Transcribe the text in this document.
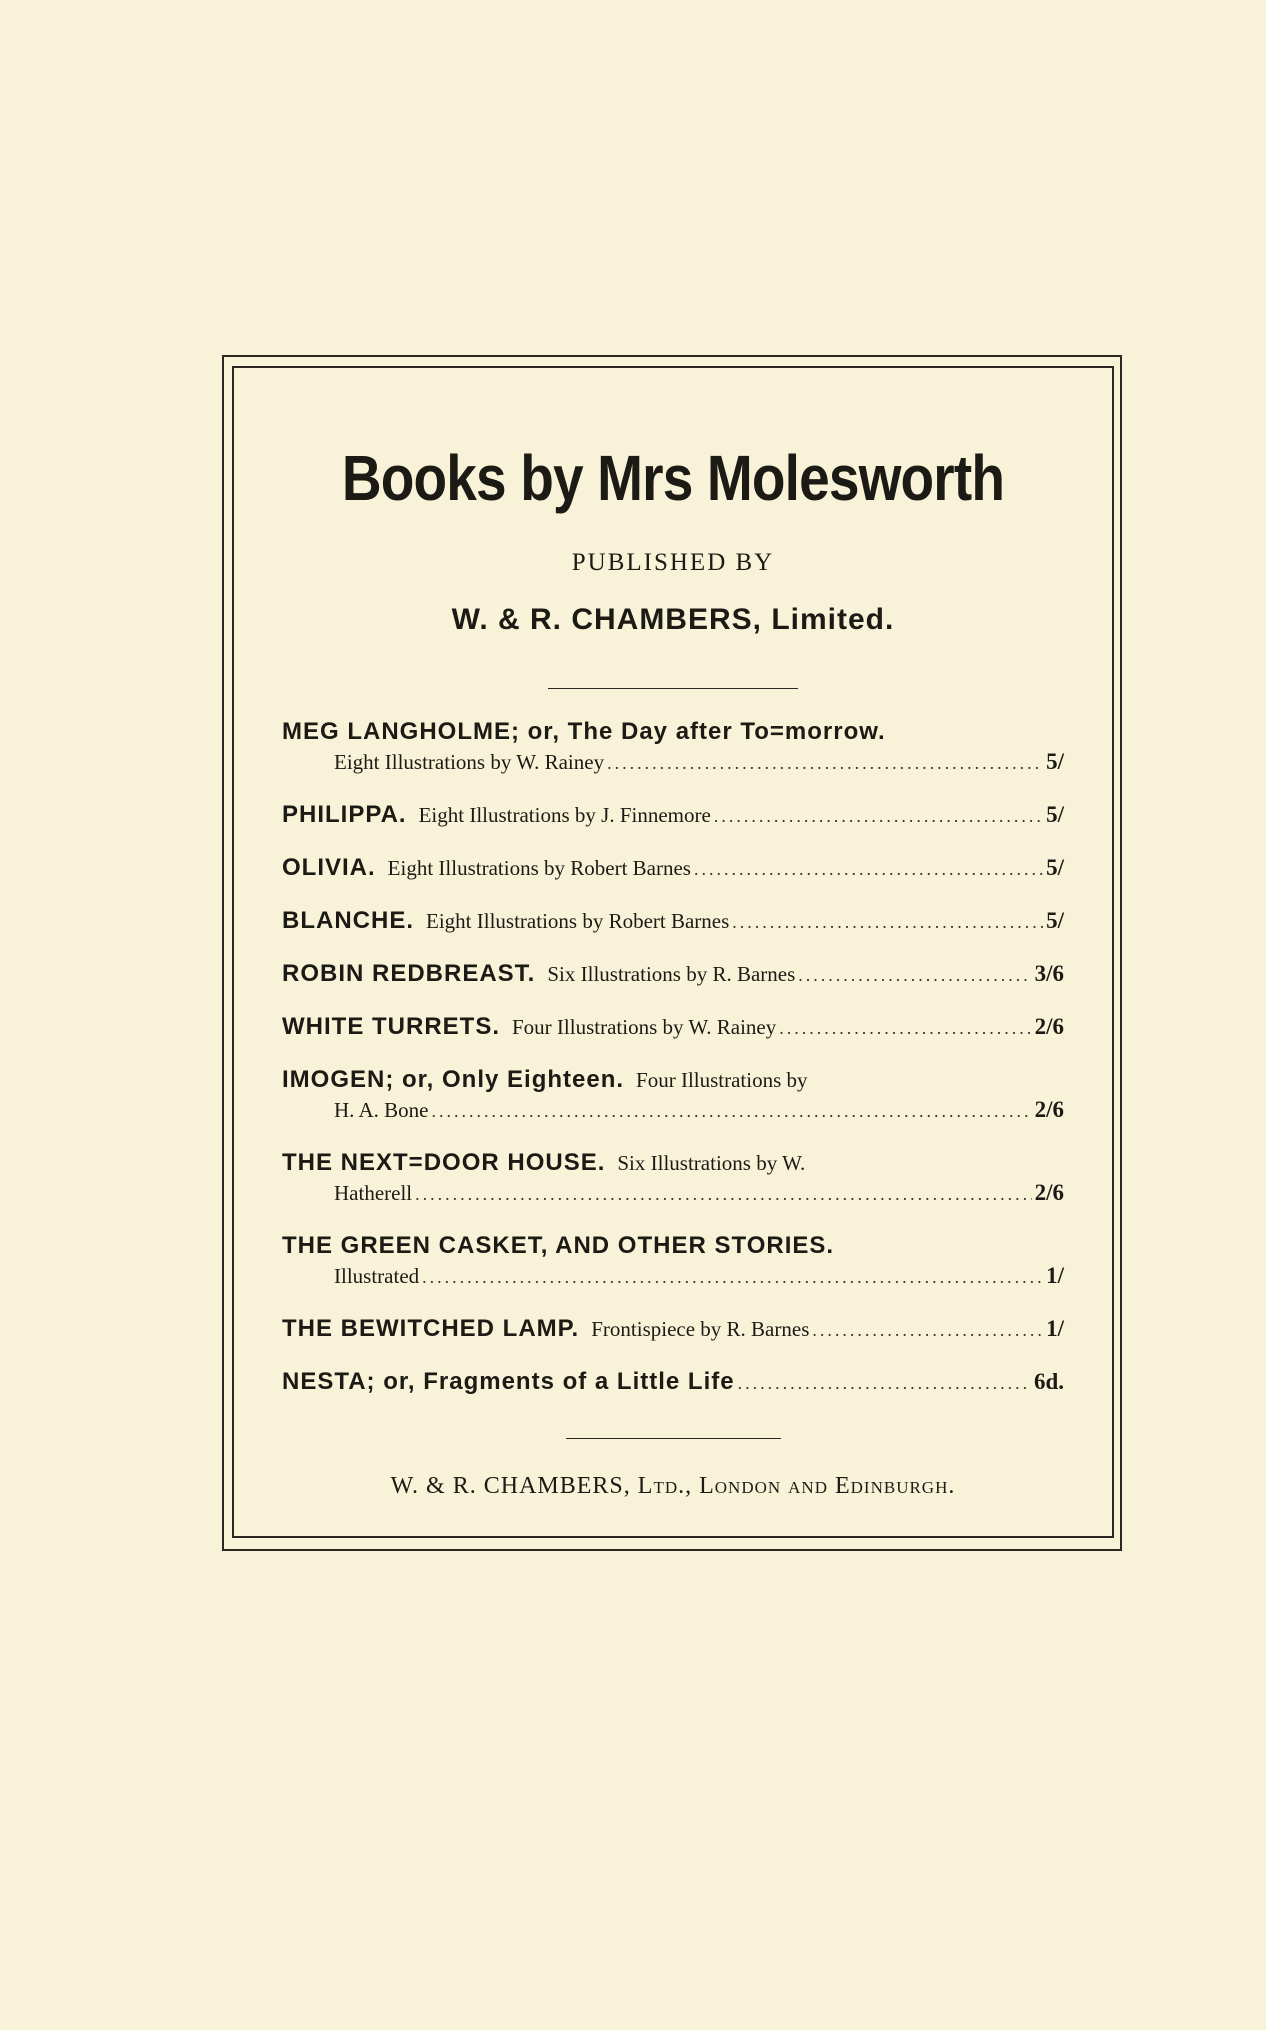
Books by Mrs Molesworth
PUBLISHED BY
W. & R. CHAMBERS, Limited.
MEG LANGHOLME; or, The Day after To=morrow.
Eight Illustrations by W. Rainey .....	5/
PHILIPPA. Eight Illustrations by J. Finnemore .....	5/
OLIVIA. Eight Illustrations by Robert Barnes .....	5/
BLANCHE. Eight Illustrations by Robert Barnes .....	5/
ROBIN REDBREAST. Six Illustrations by R. Barnes .....	3/6
WHITE TURRETS. Four Illustrations by W. Rainey .....	2/6
IMOGEN; or, Only Eighteen. Four Illustrations by
H. A. Bone .....	2/6
THE NEXT=DOOR HOUSE. Six Illustrations by W.
Hatherell .....	2/6
THE GREEN CASKET, AND OTHER STORIES.
Illustrated .....	1/
THE BEWITCHED LAMP. Frontispiece by R. Barnes .....	1/
NESTA; or, Fragments of a Little Life .....	6d.
W. & R. CHAMBERS, Ltd., London and Edinburgh.
